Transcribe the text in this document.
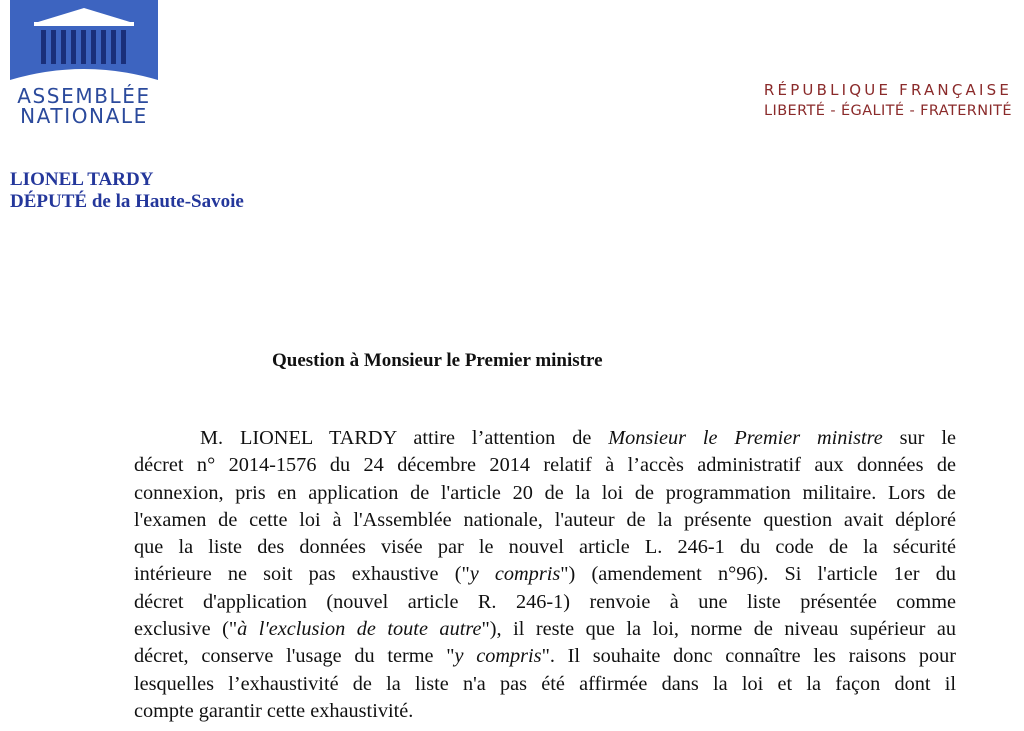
ASSEMBLÉE
NATIONALE
RÉPUBLIQUE FRANÇAISE
LIBERTÉ - ÉGALITÉ - FRATERNITÉ
LIONEL TARDY
DÉPUTÉ de la Haute-Savoie
Question à Monsieur le Premier ministre
M. LIONEL TARDY attire l’attention de Monsieur le Premier ministre sur le
décret n° 2014-1576 du 24 décembre 2014 relatif à l’accès administratif aux données de
connexion, pris en application de l'article 20 de la loi de programmation militaire. Lors de
l'examen de cette loi à l'Assemblée nationale, l'auteur de la présente question avait déploré
que la liste des données visée par le nouvel article L. 246-1 du code de la sécurité
intérieure ne soit pas exhaustive ("y compris") (amendement n°96). Si l'article 1er du
décret d'application (nouvel article R. 246-1) renvoie à une liste présentée comme
exclusive ("à l'exclusion de toute autre"), il reste que la loi, norme de niveau supérieur au
décret, conserve l'usage du terme "y compris". Il souhaite donc connaître les raisons pour
lesquelles l’exhaustivité de la liste n'a pas été affirmée dans la loi et la façon dont il
compte garantir cette exhaustivité.
